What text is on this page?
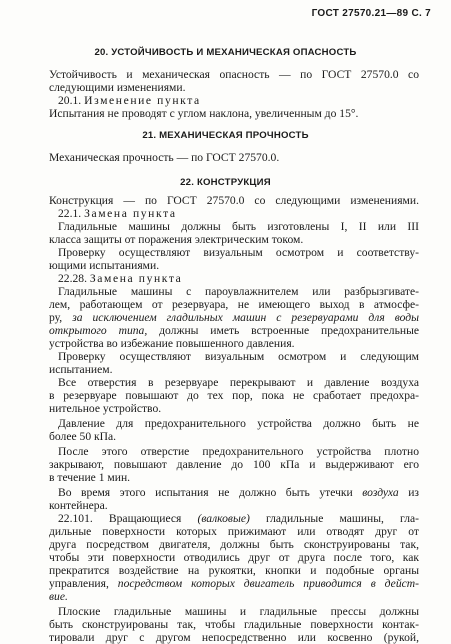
ГОСТ 27570.21—89 С. 7
20. УСТОЙЧИВОСТЬ И МЕХАНИЧЕСКАЯ ОПАСНОСТЬ
Устойчивость и механическая опасность — по ГОСТ 27570.0 со
следующими изменениями.
20.1. Изменение пункта
Испытания не проводят с углом наклона, увеличенным до 15°.
21. МЕХАНИЧЕСКАЯ ПРОЧНОСТЬ
Механическая прочность — по ГОСТ 27570.0.
22. КОНСТРУКЦИЯ
Конструкция — по ГОСТ 27570.0 со следующими изменениями.
22.1. Замена пункта
Гладильные машины должны быть изготовлены I, II или III
класса защиты от поражения электрическим током.
Проверку осуществляют визуальным осмотром и соответству-
ющими испытаниями.
22.28. Замена пункта
Гладильные машины с пароувлажнителем или разбрызгивате-
лем, работающем от резервуара, не имеющего выход в атмосфе-
ру, за исключением гладильных машин с резервуарами для воды
открытого типа, должны иметь встроенные предохранительные
устройства во избежание повышенного давления.
Проверку осуществляют визуальным осмотром и следующим
испытанием.
Все отверстия в резервуаре перекрывают и давление воздуха
в резервуаре повышают до тех пор, пока не сработает предохра-
нительное устройство.
Давление для предохранительного устройства должно быть не
более 50 кПа.
После этого отверстие предохранительного устройства плотно
закрывают, повышают давление до 100 кПа и выдерживают его
в течение 1 мин.
Во время этого испытания не должно быть утечки воздуха из
контейнера.
22.101. Вращающиеся (валковые) гладильные машины, гла-
дильные поверхности которых прижимают или отводят друг от
друга посредством двигателя, должны быть сконструированы так,
чтобы эти поверхности отводились друг от друга после того, как
прекратится воздействие на рукоятки, кнопки и подобные органы
управления, посредством которых двигатель приводится в дейст-
вие.
Плоские гладильные машины и гладильные прессы должны
быть сконструированы так, чтобы гладильные поверхности контак-
тировали друг с другом непосредственно или косвенно (рукой,
